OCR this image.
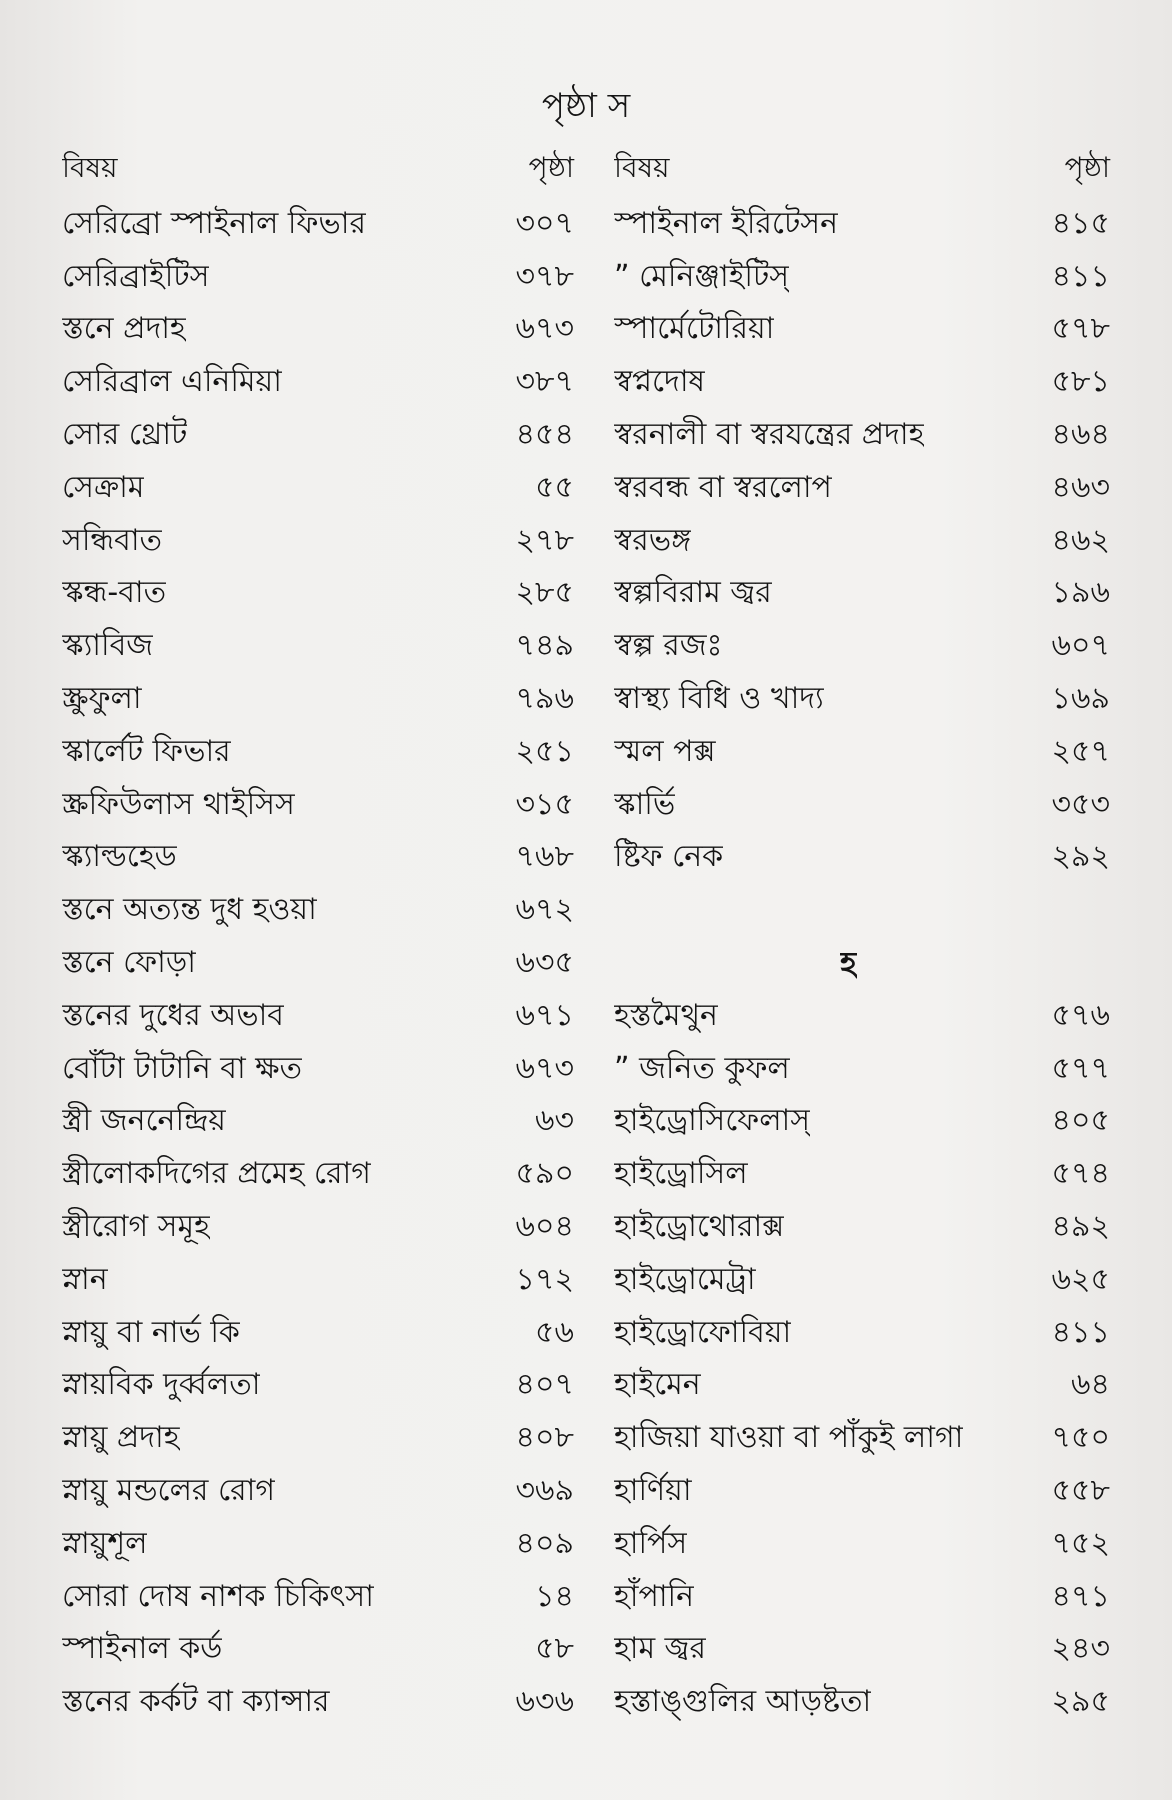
পৃষ্ঠা স
বিষয়	পৃষ্ঠা
সেরিব্রো স্পাইনাল ফিভার	৩০৭
সেরিব্রাইটিস	৩৭৮
স্তনে প্রদাহ	৬৭৩
সেরিব্রাল এনিমিয়া	৩৮৭
সোর থ্রোট	৪৫৪
সেক্রাম	৫৫
সন্ধিবাত	২৭৮
স্কন্ধ-বাত	২৮৫
স্ক্যাবিজ	৭৪৯
স্ক্রুফুলা	৭৯৬
স্কার্লেট ফিভার	২৫১
স্ক্রফিউলাস থাইসিস	৩১৫
স্ক্যাল্ডহেড	৭৬৮
স্তনে অত্যন্ত দুধ হওয়া	৬৭২
স্তনে ফোড়া	৬৩৫
স্তনের দুধের অভাব	৬৭১
বোঁটা টাটানি বা ক্ষত	৬৭৩
স্ত্রী জননেন্দ্রিয়	৬৩
স্ত্রীলোকদিগের প্রমেহ রোগ	৫৯০
স্ত্রীরোগ সমূহ	৬০৪
স্নান	১৭২
স্নায়ু বা নার্ভ কি	৫৬
স্নায়বিক দুর্ব্বলতা	৪০৭
স্নায়ু প্রদাহ	৪০৮
স্নায়ু মন্ডলের রোগ	৩৬৯
স্নায়ুশূল	৪০৯
সোরা দোষ নাশক চিকিৎসা	১৪
স্পাইনাল কর্ড	৫৮
স্তনের কর্কট বা ক্যান্সার	৬৩৬
বিষয়	পৃষ্ঠা
স্পাইনাল ইরিটেসন	৪১৫
” মেনিঞ্জাইটিস্	৪১১
স্পার্মেটোরিয়া	৫৭৮
স্বপ্নদোষ	৫৮১
স্বরনালী বা স্বরযন্ত্রের প্রদাহ	৪৬৪
স্বরবন্ধ বা স্বরলোপ	৪৬৩
স্বরভঙ্গ	৪৬২
স্বল্পবিরাম জ্বর	১৯৬
স্বল্প রজঃ	৬০৭
স্বাস্থ্য বিধি ও খাদ্য	১৬৯
স্মল পক্স	২৫৭
স্কার্ভি	৩৫৩
ষ্টিফ নেক	২৯২
হ
হস্তমৈথুন	৫৭৬
” জনিত কুফল	৫৭৭
হাইড্রোসিফেলাস্	৪০৫
হাইড্রোসিল	৫৭৪
হাইড্রোথোরাক্স	৪৯২
হাইড্রোমেট্রা	৬২৫
হাইড্রোফোবিয়া	৪১১
হাইমেন	৬৪
হাজিয়া যাওয়া বা পাঁকুই লাগা	৭৫০
হার্ণিয়া	৫৫৮
হার্পিস	৭৫২
হাঁপানি	৪৭১
হাম জ্বর	২৪৩
হস্তাঙ্গুলির আড়ষ্টতা	২৯৫
